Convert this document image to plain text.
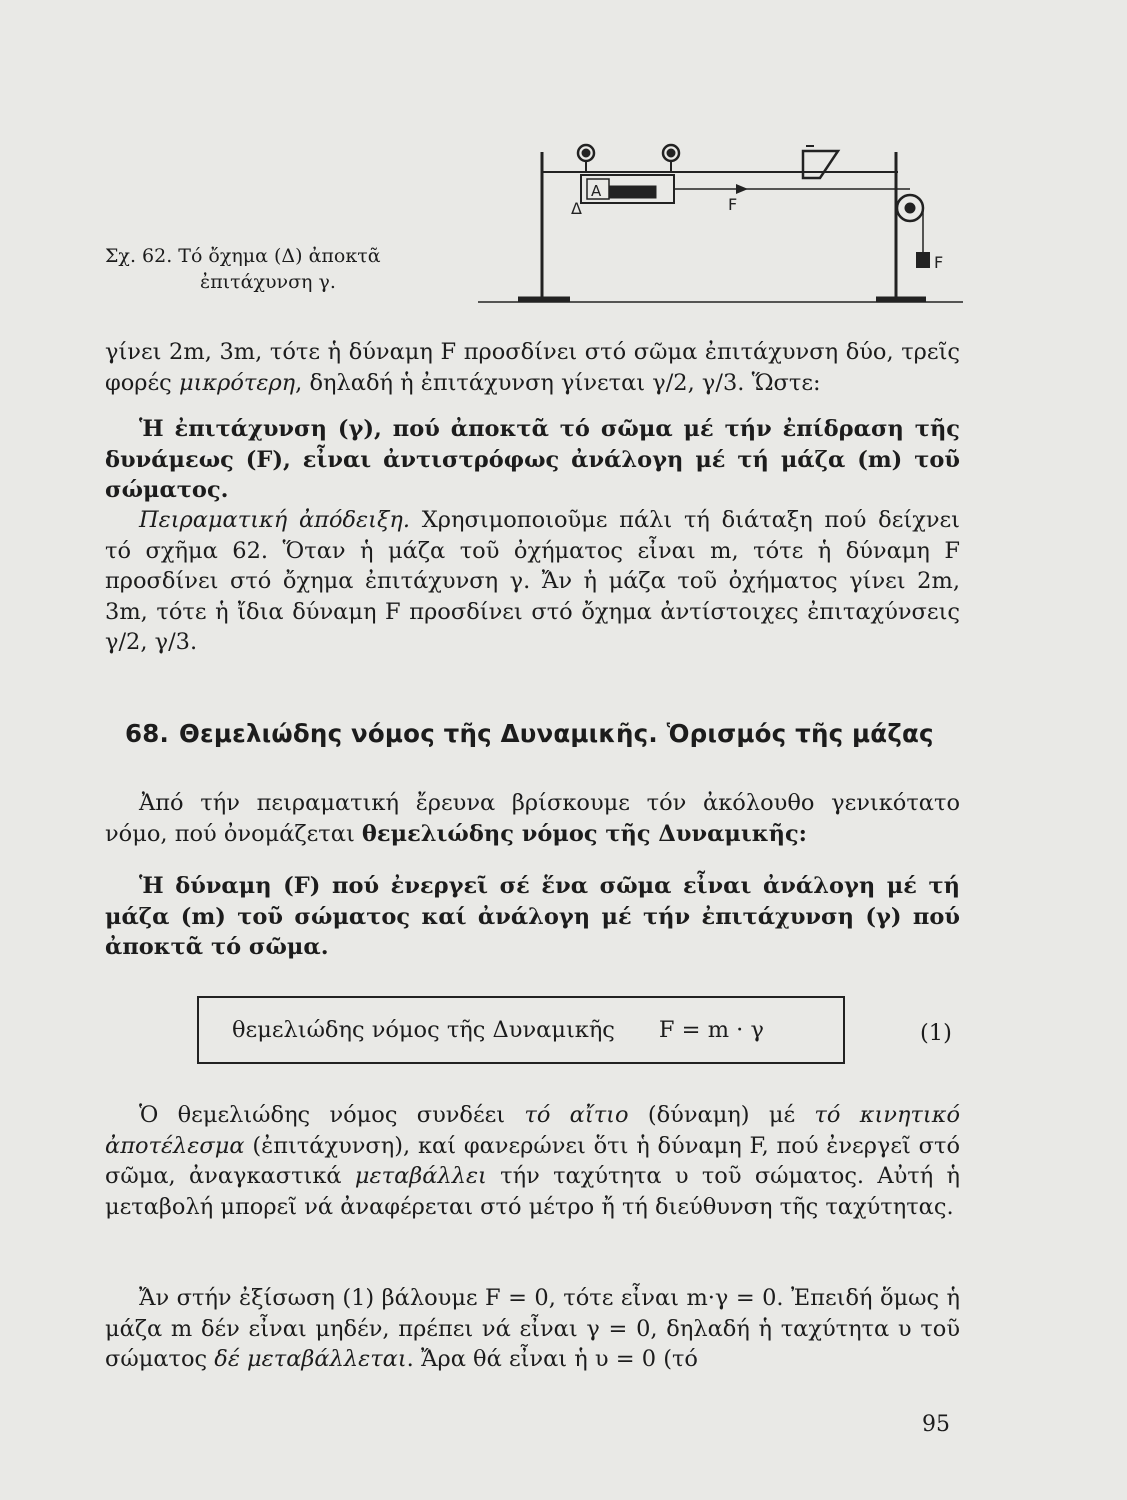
A
Δ	F
F
Σχ. 62. Τό ὄχημα (Δ) ἀποκτᾶ
ἐπιτάχυνση γ.

γίνει 2m, 3m, τότε ἡ δύναμη F προσδίνει στό σῶμα ἐπιτάχυνση δύο, τρεῖς φορές μικρότερη, δηλαδή ἡ ἐπιτάχυνση γίνεται γ/2, γ/3. Ὥστε:

Ἡ ἐπιτάχυνση (γ), πού ἀποκτᾶ τό σῶμα μέ τήν ἐπίδραση τῆς δυνάμεως (F), εἶναι ἀντιστρόφως ἀνάλογη μέ τή μάζα (m) τοῦ σώματος.

Πειραματική ἀπόδειξη. Χρησιμοποιοῦμε πάλι τή διάταξη πού δείχνει τό σχῆμα 62. Ὅταν ἡ μάζα τοῦ ὀχήματος εἶναι m, τότε ἡ δύναμη F προσδίνει στό ὄχημα ἐπιτάχυνση γ. Ἄν ἡ μάζα τοῦ ὀχήματος γίνει 2m, 3m, τότε ἡ ἴδια δύναμη F προσδίνει στό ὄχημα ἀντίστοιχες ἐπιταχύνσεις γ/2, γ/3.

68. Θεμελιώδης νόμος τῆς Δυναμικῆς. Ὁρισμός τῆς μάζας

Ἀπό τήν πειραματική ἔρευνα βρίσκουμε τόν ἀκόλουθο γενικότατο νόμο, πού ὀνομάζεται θεμελιώδης νόμος τῆς Δυναμικῆς:

Ἡ δύναμη (F) πού ἐνεργεῖ σέ ἕνα σῶμα εἶναι ἀνάλογη μέ τή μάζα (m) τοῦ σώματος καί ἀνάλογη μέ τήν ἐπιτάχυνση (γ) πού ἀποκτᾶ τό σῶμα.

θεμελιώδης νόμος τῆς Δυναμικῆς F = m · γ	(1)

Ὁ θεμελιώδης νόμος συνδέει τό αἴτιο (δύναμη) μέ τό κινητικό ἀποτέλεσμα (ἐπιτάχυνση), καί φανερώνει ὅτι ἡ δύναμη F, πού ἐνεργεῖ στό σῶμα, ἀναγκαστικά μεταβάλλει τήν ταχύτητα υ τοῦ σώματος. Αὐτή ἡ μεταβολή μπορεῖ νά ἀναφέρεται στό μέτρο ἤ τή διεύθυνση τῆς ταχύτητας.

Ἄν στήν ἐξίσωση (1) βάλουμε F = 0, τότε εἶναι m·γ = 0. Ἐπειδή ὅμως ἡ μάζα m δέν εἶναι μηδέν, πρέπει νά εἶναι γ = 0, δηλαδή ἡ ταχύτητα υ τοῦ σώματος δέ μεταβάλλεται. Ἄρα θά εἶναι ἡ υ = 0 (τό

95
